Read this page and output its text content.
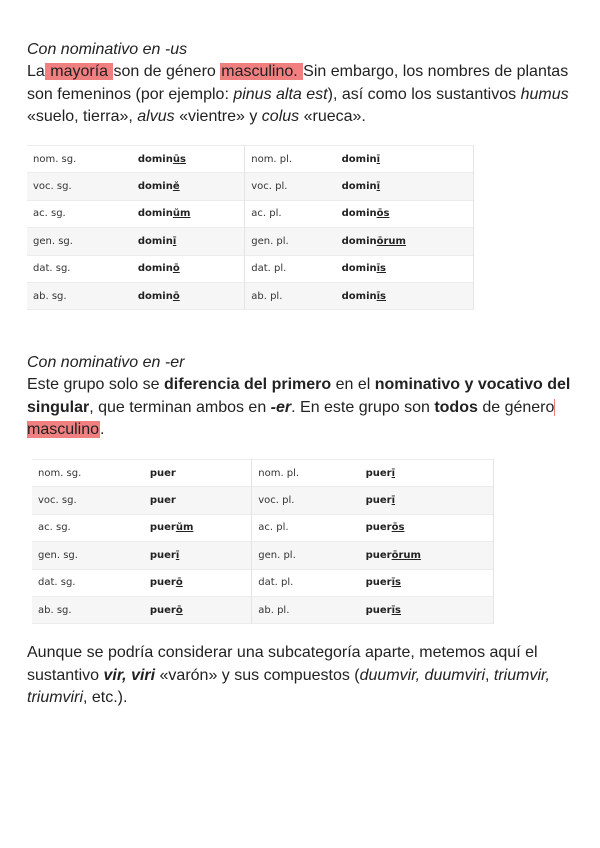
Con nominativo en -us

La mayoría son de género masculino. Sin embargo, los nombres de plantas son femeninos (por ejemplo: pinus alta est), así como los sustantivos humus «suelo, tierra», alvus «vientre» y colus «rueca».

nom. sg.	dominūs	nom. pl.	dominī
voc. sg.	dominĕ	voc. pl.	dominī
ac. sg.	dominŭm	ac. pl.	dominōs
gen. sg.	dominī	gen. pl.	dominōrum
dat. sg.	dominō	dat. pl.	dominīs
ab. sg.	dominō	ab. pl.	dominīs
Con nominativo en -er

Este grupo solo se diferencia del primero en el nominativo y vocativo del singular, que terminan ambos en -er. En este grupo son todos de género masculino.

nom. sg.	puer	nom. pl.	puerī
voc. sg.	puer	voc. pl.	puerī
ac. sg.	puerŭm	ac. pl.	puerōs
gen. sg.	puerī	gen. pl.	puerōrum
dat. sg.	puerō	dat. pl.	puerīs
ab. sg.	puerō	ab. pl.	puerīs

Aunque se podría considerar una subcategoría aparte, metemos aquí el sustantivo vir, viri «varón» y sus compuestos (duumvir, duumviri, triumvir, triumviri, etc.).
